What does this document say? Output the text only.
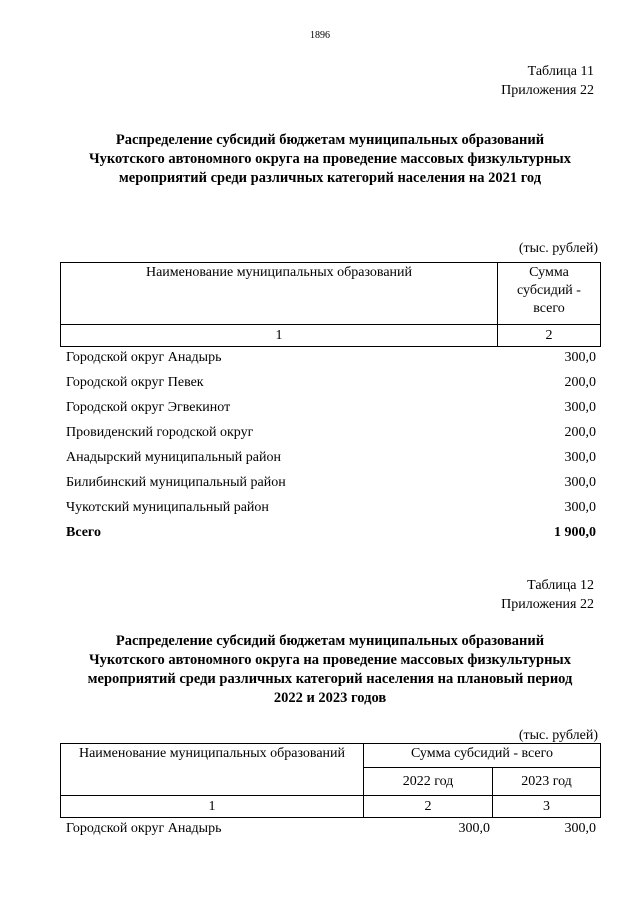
1896
Таблица 11
Приложения 22
Распределение субсидий бюджетам муниципальных образований
Чукотского автономного округа на проведение массовых физкультурных
мероприятий среди различных категорий населения на 2021 год
(тыс. рублей)
Наименование муниципальных образований	Сумма
субсидий -
всего

1	2
Городской округ Анадырь	300,0
Городской округ Певек	200,0
Городской округ Эгвекинот	300,0
Провиденский городской округ	200,0
Анадырский муниципальный район	300,0
Билибинский муниципальный район	300,0
Чукотский муниципальный район	300,0
Всего	1 900,0
Таблица 12
Приложения 22
Распределение субсидий бюджетам муниципальных образований
Чукотского автономного округа на проведение массовых физкультурных
мероприятий среди различных категорий населения на плановый период
2022 и 2023 годов
(тыс. рублей)
Наименование муниципальных образований	Сумма субсидий - всего	
	2022 год	2023 год
1	2	3
Городской округ Анадырь	300,0	300,0
